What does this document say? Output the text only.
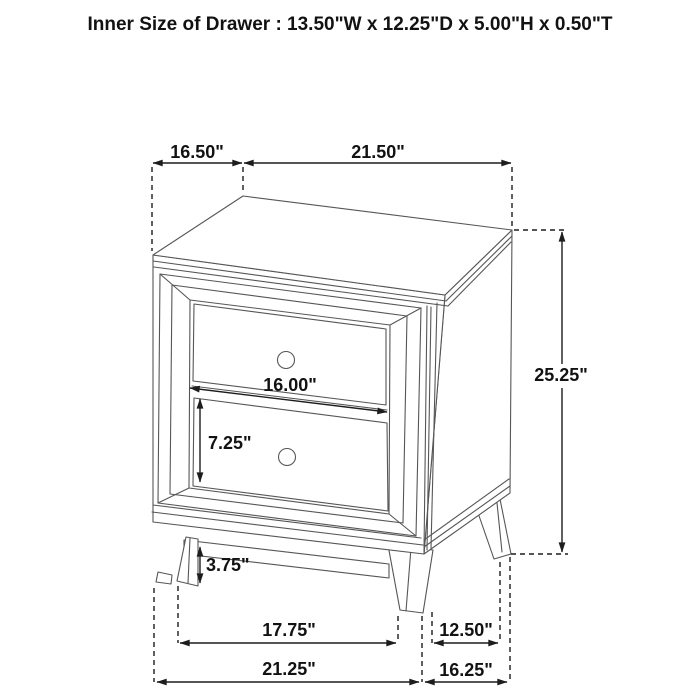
Inner Size of Drawer : 13.50"W x 12.25"D x 5.00"H x 0.50"T
16.50"	21.50"
25.25"
16.00"
7.25"
3.75"
17.75"	12.50"
21.25"	16.25"
